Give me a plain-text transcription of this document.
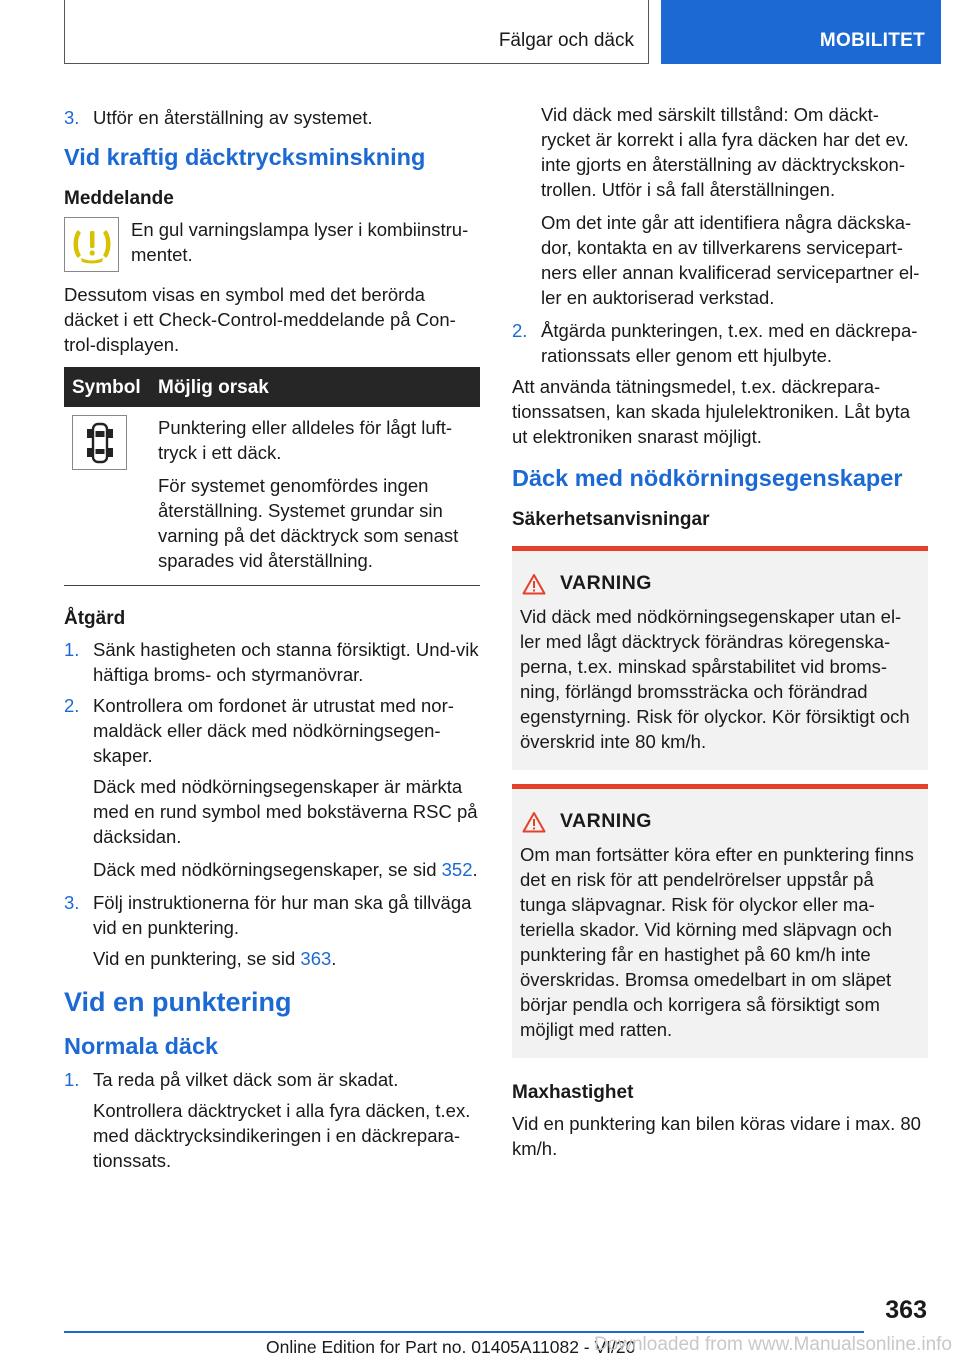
Fälgar och däck	MOBILITET
3. Utför en återställning av systemet.
Vid kraftig däcktrycksminskning
Meddelande
En gul varningslampa lyser i kombiinstru-mentet.

Dessutom visas en symbol med det berörda däcket i ett Check-Control-meddelande på Con-trol-displayen.

Symbol	Möjlig orsak

Punktering eller alldeles för lågt luft-tryck i ett däck.

För systemet genomfördes ingen återställning. Systemet grundar sin varning på det däcktryck som senast sparades vid återställning.

Åtgärd
1. Sänk hastigheten och stanna försiktigt. Und-vik häftiga broms- och styrmanövrar.
2. Kontrollera om fordonet är utrustat med nor-maldäck eller däck med nödkörningsegen-skaper.

Däck med nödkörningsegenskaper är märkta med en rund symbol med bokstäverna RSC på däcksidan.

Däck med nödkörningsegenskaper, se sid 352.

3. Följ instruktionerna för hur man ska gå tillväga vid en punktering.

Vid en punktering, se sid 363.

Vid en punktering
Normala däck
1. Ta reda på vilket däck som är skadat.

Kontrollera däcktrycket i alla fyra däcken, t.ex. med däcktrycksindikeringen i en däckrepara-tionssats.

Vid däck med särskilt tillstånd: Om däckt-rycket är korrekt i alla fyra däcken har det ev. inte gjorts en återställning av däcktryckskon-trollen. Utför i så fall återställningen.

Om det inte går att identifiera några däckska-dor, kontakta en av tillverkarens servicepart-ners eller annan kvalificerad servicepartner el-ler en auktoriserad verkstad.

2. Åtgärda punkteringen, t.ex. med en däckrepa-rationssats eller genom ett hjulbyte.

Att använda tätningsmedel, t.ex. däckrepara-tionssatsen, kan skada hjulelektroniken. Låt byta ut elektroniken snarast möjligt.

Däck med nödkörningsegenskaper
Säkerhetsanvisningar
VARNING
Vid däck med nödkörningsegenskaper utan el-ler med lågt däcktryck förändras köregenska-perna, t.ex. minskad spårstabilitet vid broms-ning, förlängd bromssträcka och förändrad egenstyrning. Risk för olyckor. Kör försiktigt och överskrid inte 80 km/h.
VARNING
Om man fortsätter köra efter en punktering finns det en risk för att pendelrörelser uppstår på tunga släpvagnar. Risk för olyckor eller ma-teriella skador. Vid körning med släpvagn och punktering får en hastighet på 60 km/h inte överskridas. Bromsa omedelbart in om släpet börjar pendla och korrigera så försiktigt som möjligt med ratten.
Maxhastighet

Vid en punktering kan bilen köras vidare i max. 80 km/h.

363
Online Edition for Part no. 01405A11082 - VI/20
Downloaded from www.Manualsonline.info
